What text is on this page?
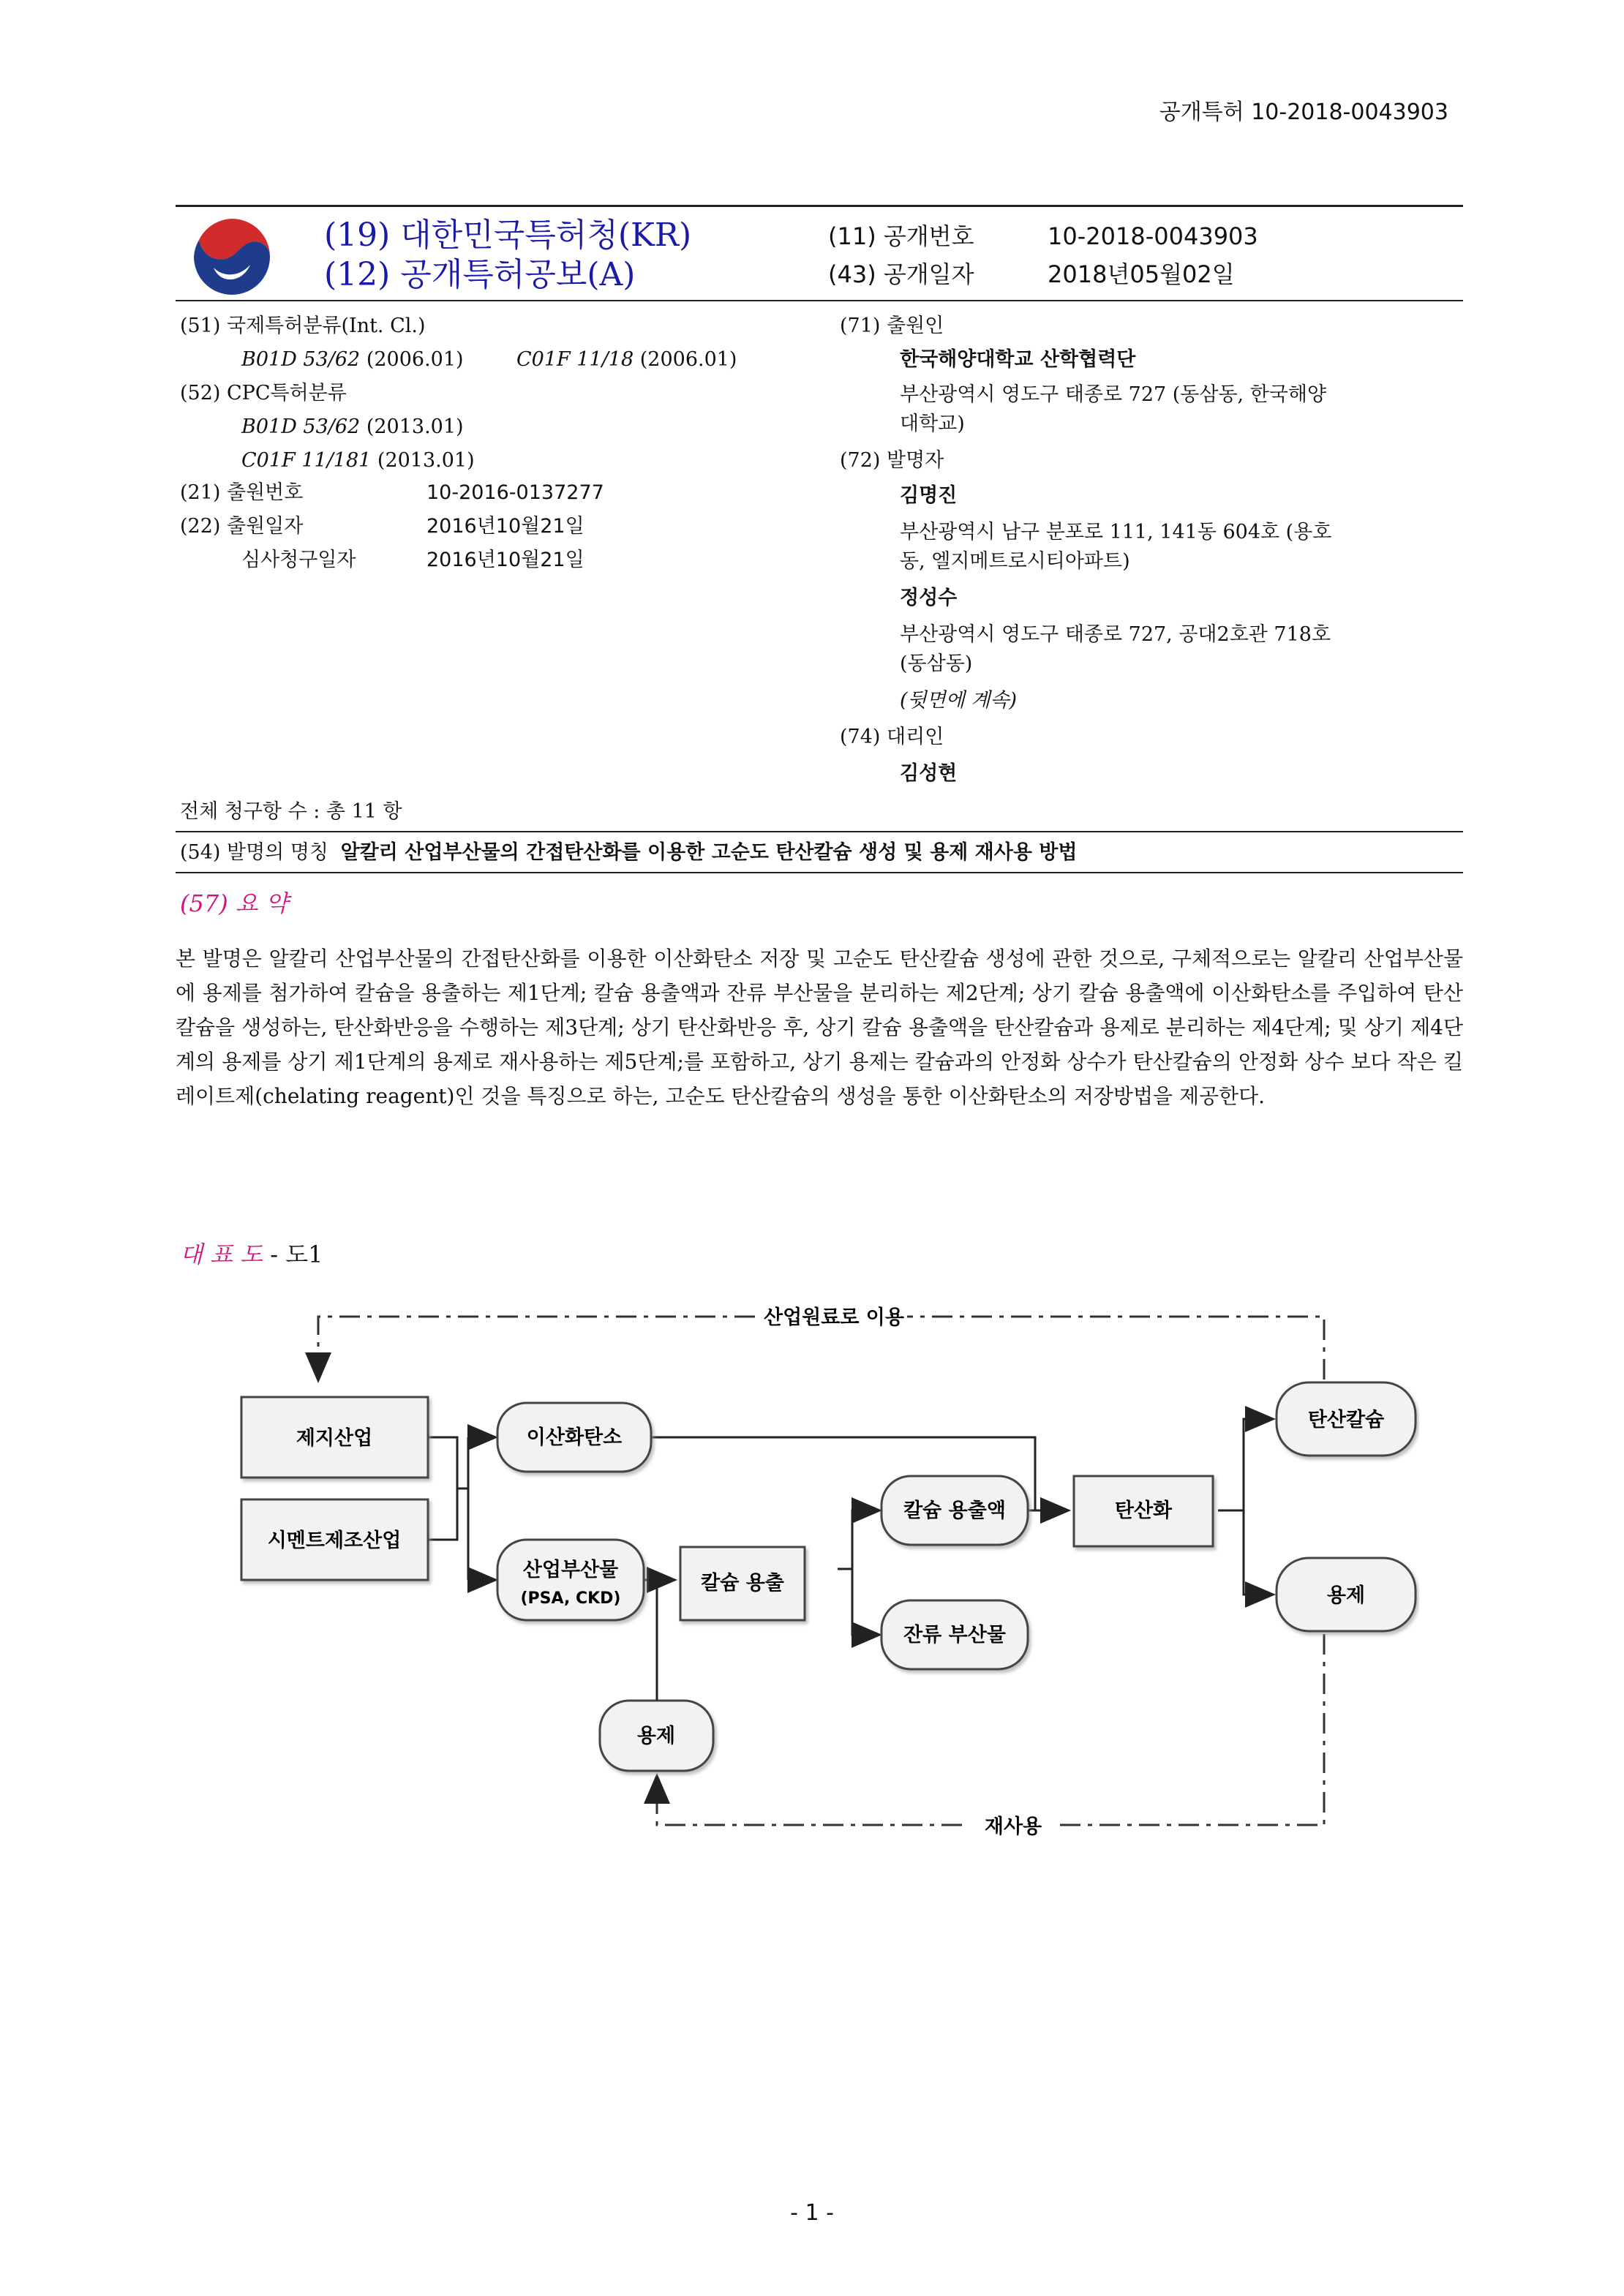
공개특허 10-2018-0043903
(19) 대한민국특허청(KR)
(12) 공개특허공보(A)
(11) 공개번호	10-2018-0043903
(43) 공개일자	2018년05월02일
(51) 국제특허분류(Int. Cl.)
B01D 53/62 (2006.01)	C01F 11/18 (2006.01)
(52) CPC특허분류
B01D 53/62 (2013.01)
C01F 11/181 (2013.01)
(21) 출원번호	10-2016-0137277
(22) 출원일자	2016년10월21일
심사청구일자	2016년10월21일
(71) 출원인
한국해양대학교 산학협력단
부산광역시 영도구 태종로 727 (동삼동, 한국해양
대학교)
(72) 발명자
김명진
부산광역시 남구 분포로 111, 141동 604호 (용호
동, 엘지메트로시티아파트)
정성수
부산광역시 영도구 태종로 727, 공대2호관 718호
(동삼동)
(뒷면에 계속)
(74) 대리인
김성현
전체 청구항 수 : 총 11 항
(54) 발명의 명칭 알칼리 산업부산물의 간접탄산화를 이용한 고순도 탄산칼슘 생성 및 용제 재사용 방법
(57) 요 약
본 발명은 알칼리 산업부산물의 간접탄산화를 이용한 이산화탄소 저장 및 고순도 탄산칼슘 생성에 관한 것으로, 구체적으로는 알칼리 산업부산물에 용제를 첨가하여 칼슘을 용출하는 제1단계; 칼슘 용출액과 잔류 부산물을 분리하는 제2단계; 상기 칼슘 용출액에 이산화탄소를 주입하여 탄산칼슘을 생성하는, 탄산화반응을 수행하는 제3단계; 상기 탄산화반응 후, 상기 칼슘 용출액을 탄산칼슘과 용제로 분리하는 제4단계; 및 상기 제4단계의 용제를 상기 제1단계의 용제로 재사용하는 제5단계;를 포함하고, 상기 용제는 칼슘과의 안정화 상수가 탄산칼슘의 안정화 상수 보다 작은 킬레이트제(chelating reagent)인 것을 특징으로 하는, 고순도 탄산칼슘의 생성을 통한 이산화탄소의 저장방법을 제공한다.
대 표 도 - 도1
산업원료로 이용
재사용
제지산업
시멘트제조산업
칼슘 용출
탄산화
이산화탄소
산업부산물
(PSA, CKD)
칼슘 용출액
잔류 부산물
용제
탄산칼슘
용제
- 1 -
